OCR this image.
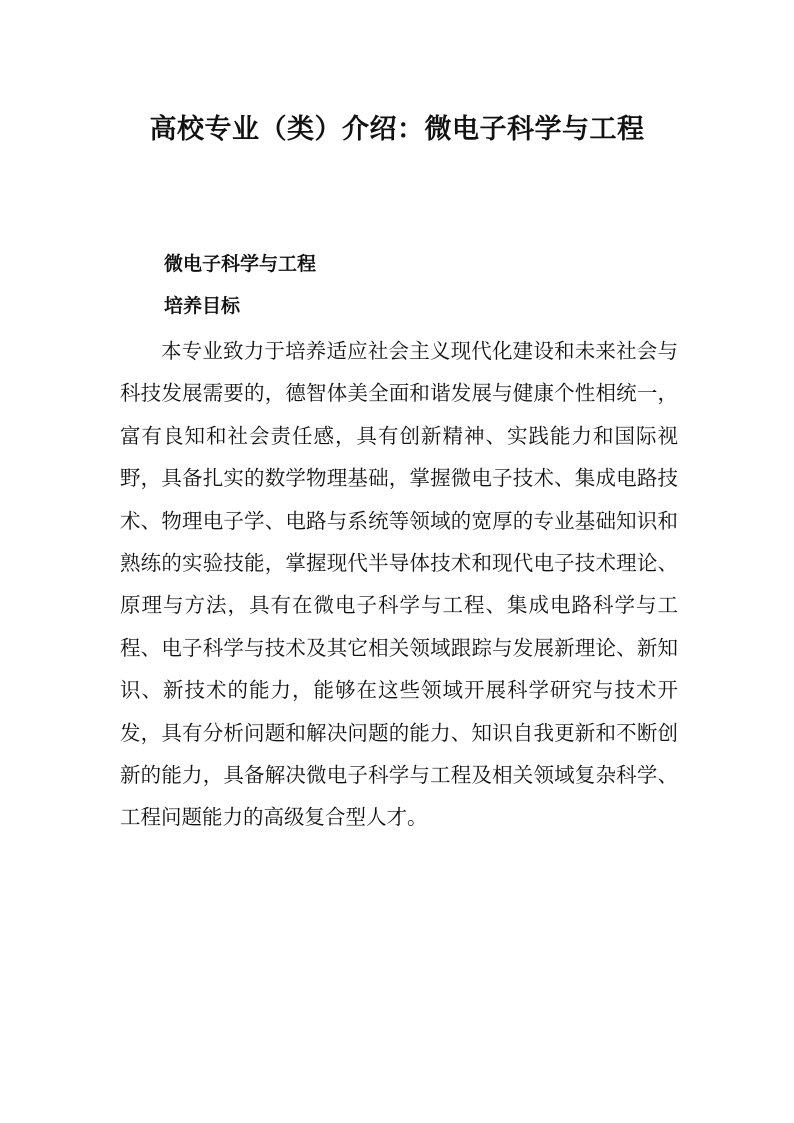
高校专业（类）介绍：微电子科学与工程
微电子科学与工程
培养目标

本专业致力于培养适应社会主义现代化建设和未来社会与科技发展需要的，德智体美全面和谐发展与健康个性相统一，富有良知和社会责任感，具有创新精神、实践能力和国际视野，具备扎实的数学物理基础，掌握微电子技术、集成电路技术、物理电子学、电路与系统等领域的宽厚的专业基础知识和熟练的实验技能，掌握现代半导体技术和现代电子技术理论、原理与方法，具有在微电子科学与工程、集成电路科学与工程、电子科学与技术及其它相关领域跟踪与发展新理论、新知识、新技术的能力，能够在这些领域开展科学研究与技术开发，具有分析问题和解决问题的能力、知识自我更新和不断创新的能力，具备解决微电子科学与工程及相关领域复杂科学、工程问题能力的高级复合型人才。
